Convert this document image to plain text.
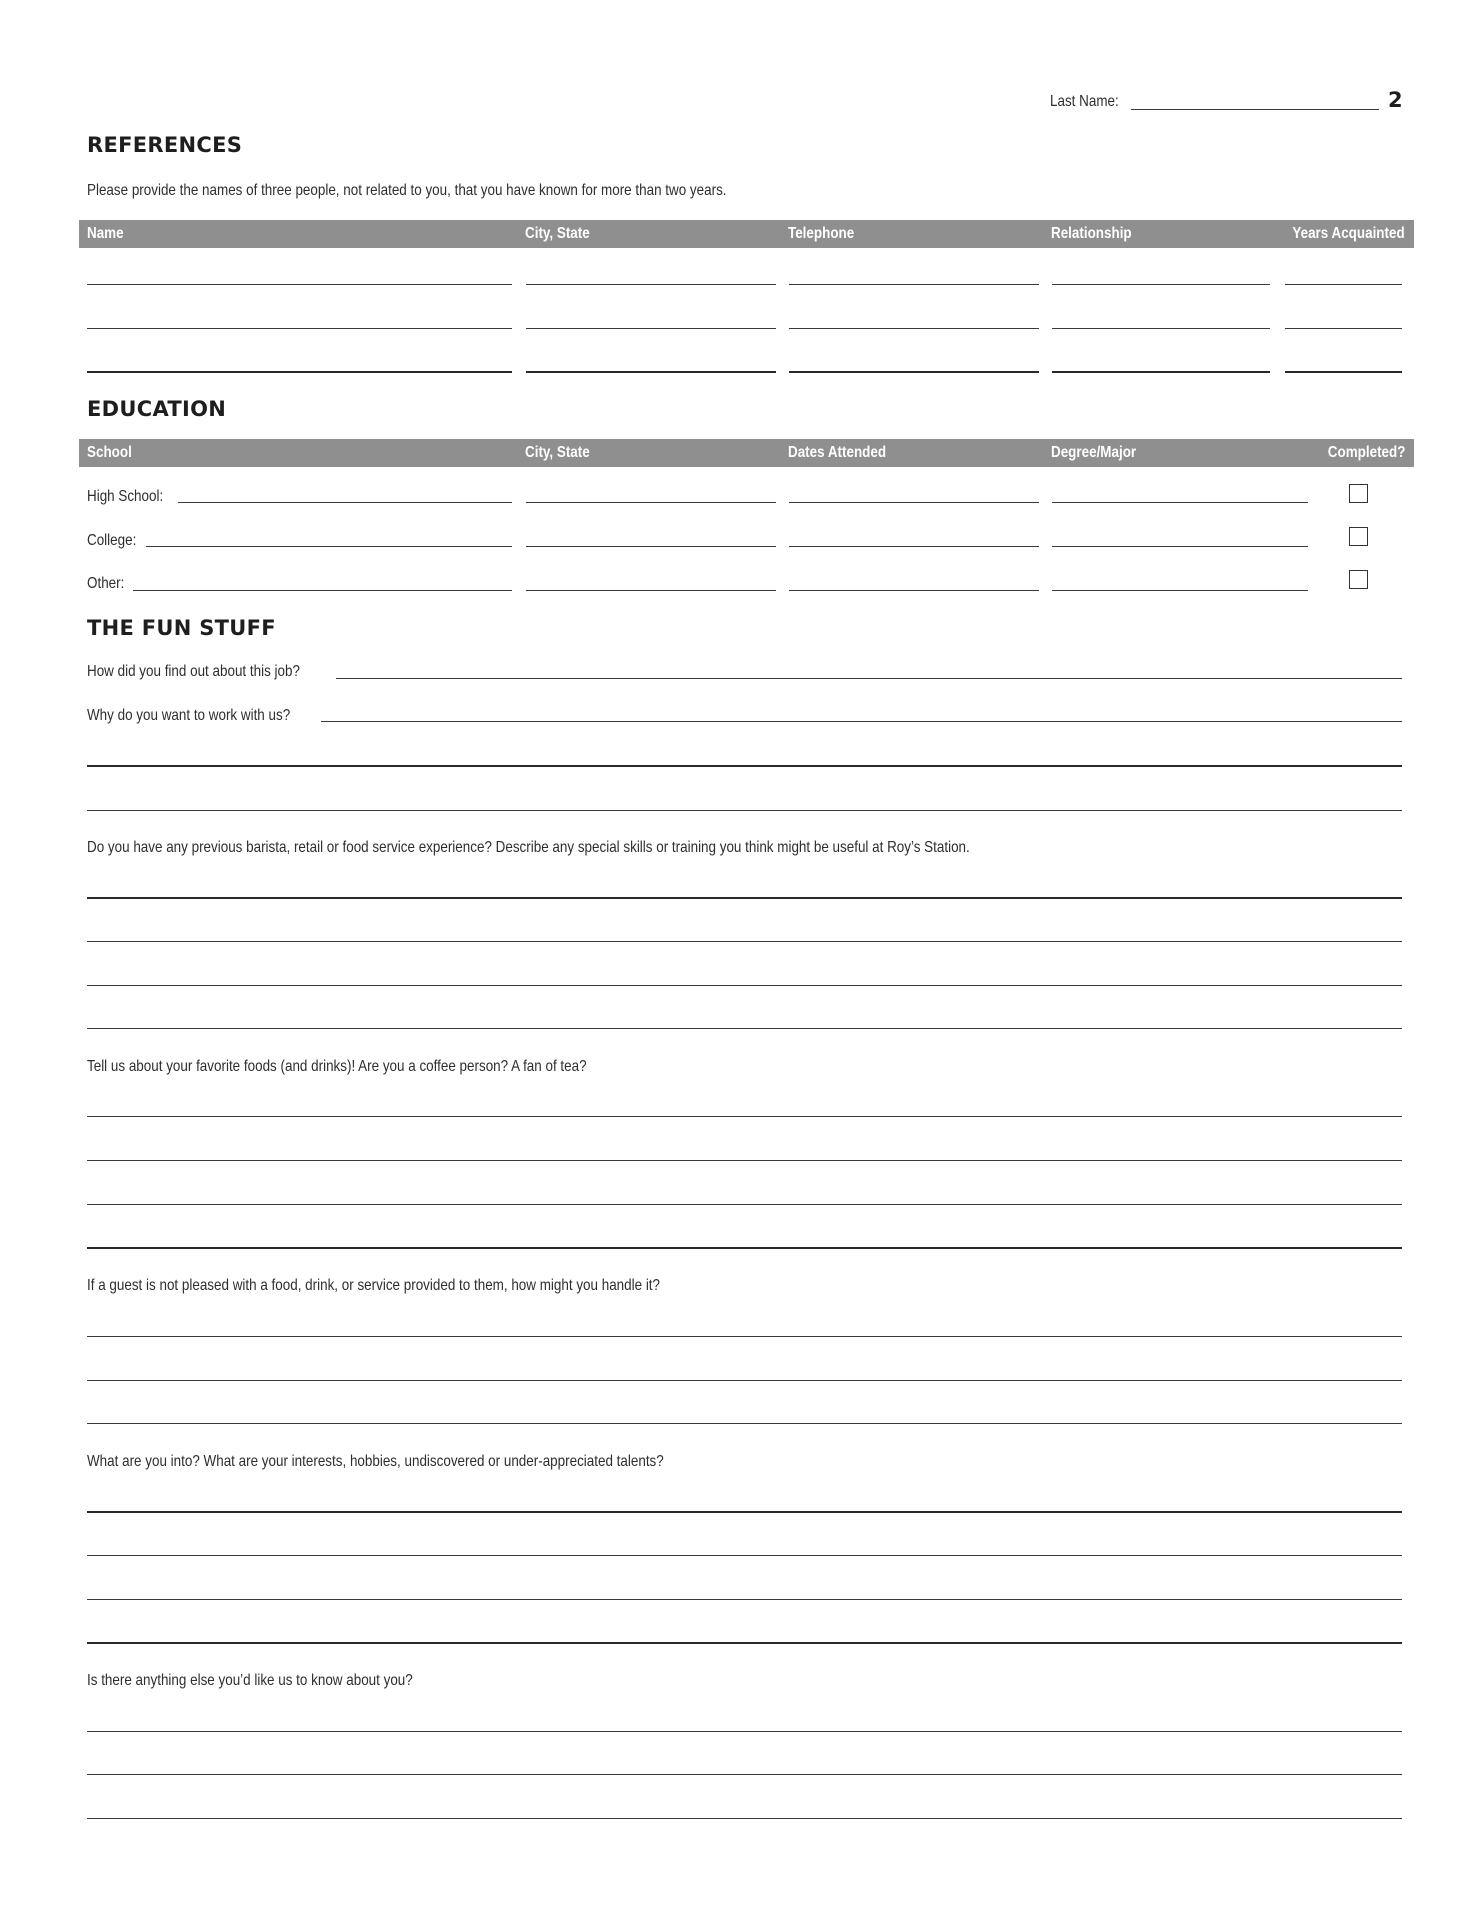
Last Name:	2
REFERENCES
Please provide the names of three people, not related to you, that you have known for more than two years.
Name	City, State	Telephone	Relationship	Years Acquainted
EDUCATION
School	City, State	Dates Attended	Degree/Major	Completed?
High School:
College:
Other:
THE FUN STUFF
How did you find out about this job?
Why do you want to work with us?
Do you have any previous barista, retail or food service experience? Describe any special skills or training you think might be useful at Roy’s Station.
Tell us about your favorite foods (and drinks)! Are you a coffee person? A fan of tea?
If a guest is not pleased with a food, drink, or service provided to them, how might you handle it?
What are you into? What are your interests, hobbies, undiscovered or under-appreciated talents?
Is there anything else you’d like us to know about you?
